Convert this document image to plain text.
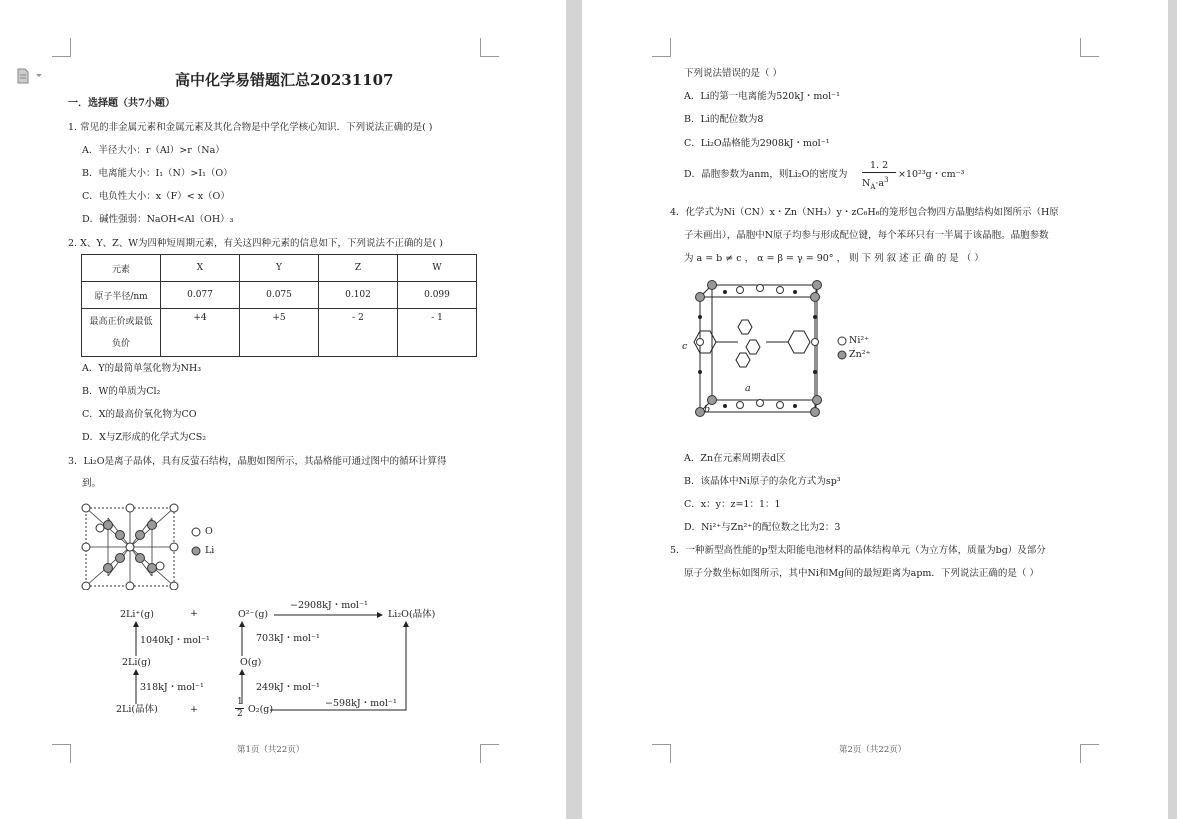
高中化学易错题汇总20231107
一．选择题（共7小题）
1. 常见的非金属元素和金属元素及其化合物是中学化学核心知识．下列说法正确的是( )
A．半径大小：r（Al）>r（Na）
B．电离能大小：I₁（N）>I₁（O）
C．电负性大小：x（F）< x（O）
D．碱性强弱：NaOH<Al（OH）₃
2. X、Y、Z、W为四种短周期元素，有关这四种元素的信息如下，下列说法不正确的是( )
元素	X	Y	Z	W
原子半径/nm	0.077	0.075	0.102	0.099
最高正价或最低
负价	+4	+5	- 2	- 1
A．Y的最简单氢化物为NH₃
B．W的单质为Cl₂
C．X的最高价氧化物为CO
D．X与Z形成的化学式为CS₂
3．Li₂O是离子晶体，具有反萤石结构，晶胞如图所示，其晶格能可通过图中的循环计算得
到。
O
Li
2Li⁺(g)	+	O²⁻(g)
−2908kJ・mol⁻¹
Li₂O(晶体)
1040kJ・mol⁻¹	703kJ・mol⁻¹
2Li(g)	O(g)
318kJ・mol⁻¹	249kJ・mol⁻¹
2Li(晶体)	+
1
2 O₂(g)
−598kJ・mol⁻¹
第1页（共22页）
下列说法错误的是（ ）
A．Li的第一电离能为520kJ・mol⁻¹
B．Li的配位数为8
C．Li₂O晶格能为2908kJ・mol⁻¹
D．晶胞参数为anm，则Li₂O的密度为
1. 2
$N_A\cdot a^3 \times 10^{23}g$・cm⁻³
4．化学式为Ni（CN）x・Zn（NH₃）y・zC₆H₆的笼形包合物四方晶胞结构如图所示（H原
子未画出），晶胞中N原子均参与形成配位键，每个苯环只有一半属于该晶胞。晶胞参数
为 a = b ≠ c ， α = β = γ = 90° ， 则 下 列 叙 述 正 确 的 是 （ ）
c
a
b
Ni²⁺
Zn²⁺
A．Zn在元素周期表d区
B．该晶体中Ni原子的杂化方式为sp³
C．x：y：z=1：1：1
D．Ni²⁺与Zn²⁺的配位数之比为2：3
5．一种新型高性能的p型太阳能电池材料的晶体结构单元（为立方体，质量为bg）及部分
原子分数坐标如图所示，其中Ni和Mg间的最短距离为apm．下列说法正确的是（ ）
第2页（共22页）
